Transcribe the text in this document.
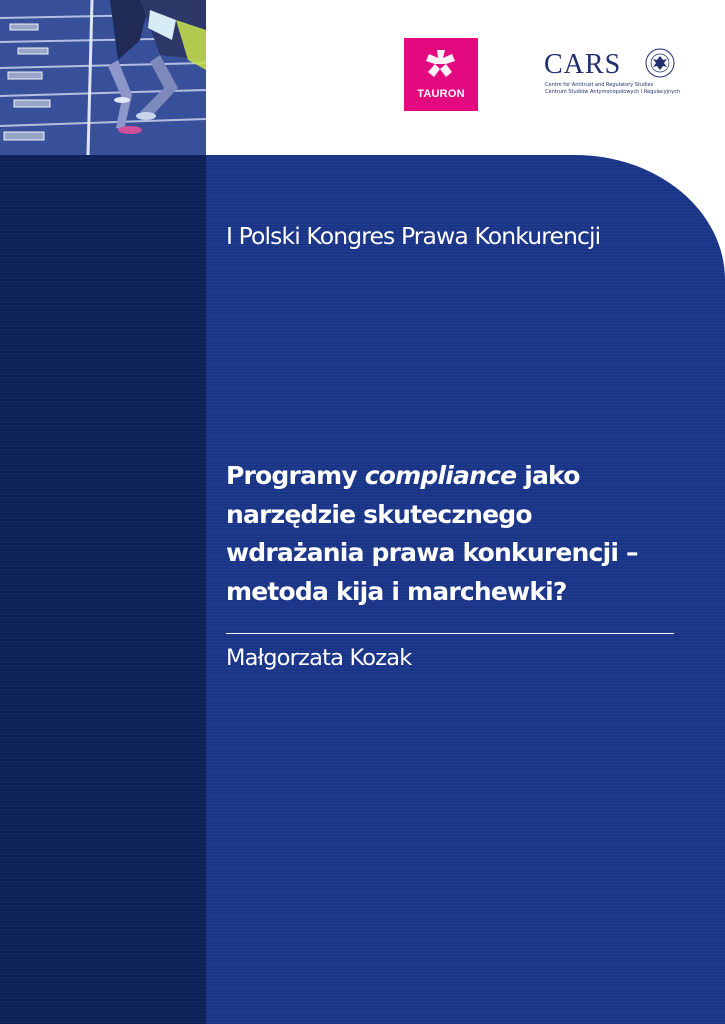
TAURON
CARS
Centre for Antitrust and Regulatory Studies
Centrum Studiów Antymonopolowych i Regulacyjnych
I Polski Kongres Prawa Konkurencji
Programy compliance jako
narzędzie skutecznego
wdrażania prawa konkurencji –
metoda kija i marchewki?
Małgorzata Kozak
